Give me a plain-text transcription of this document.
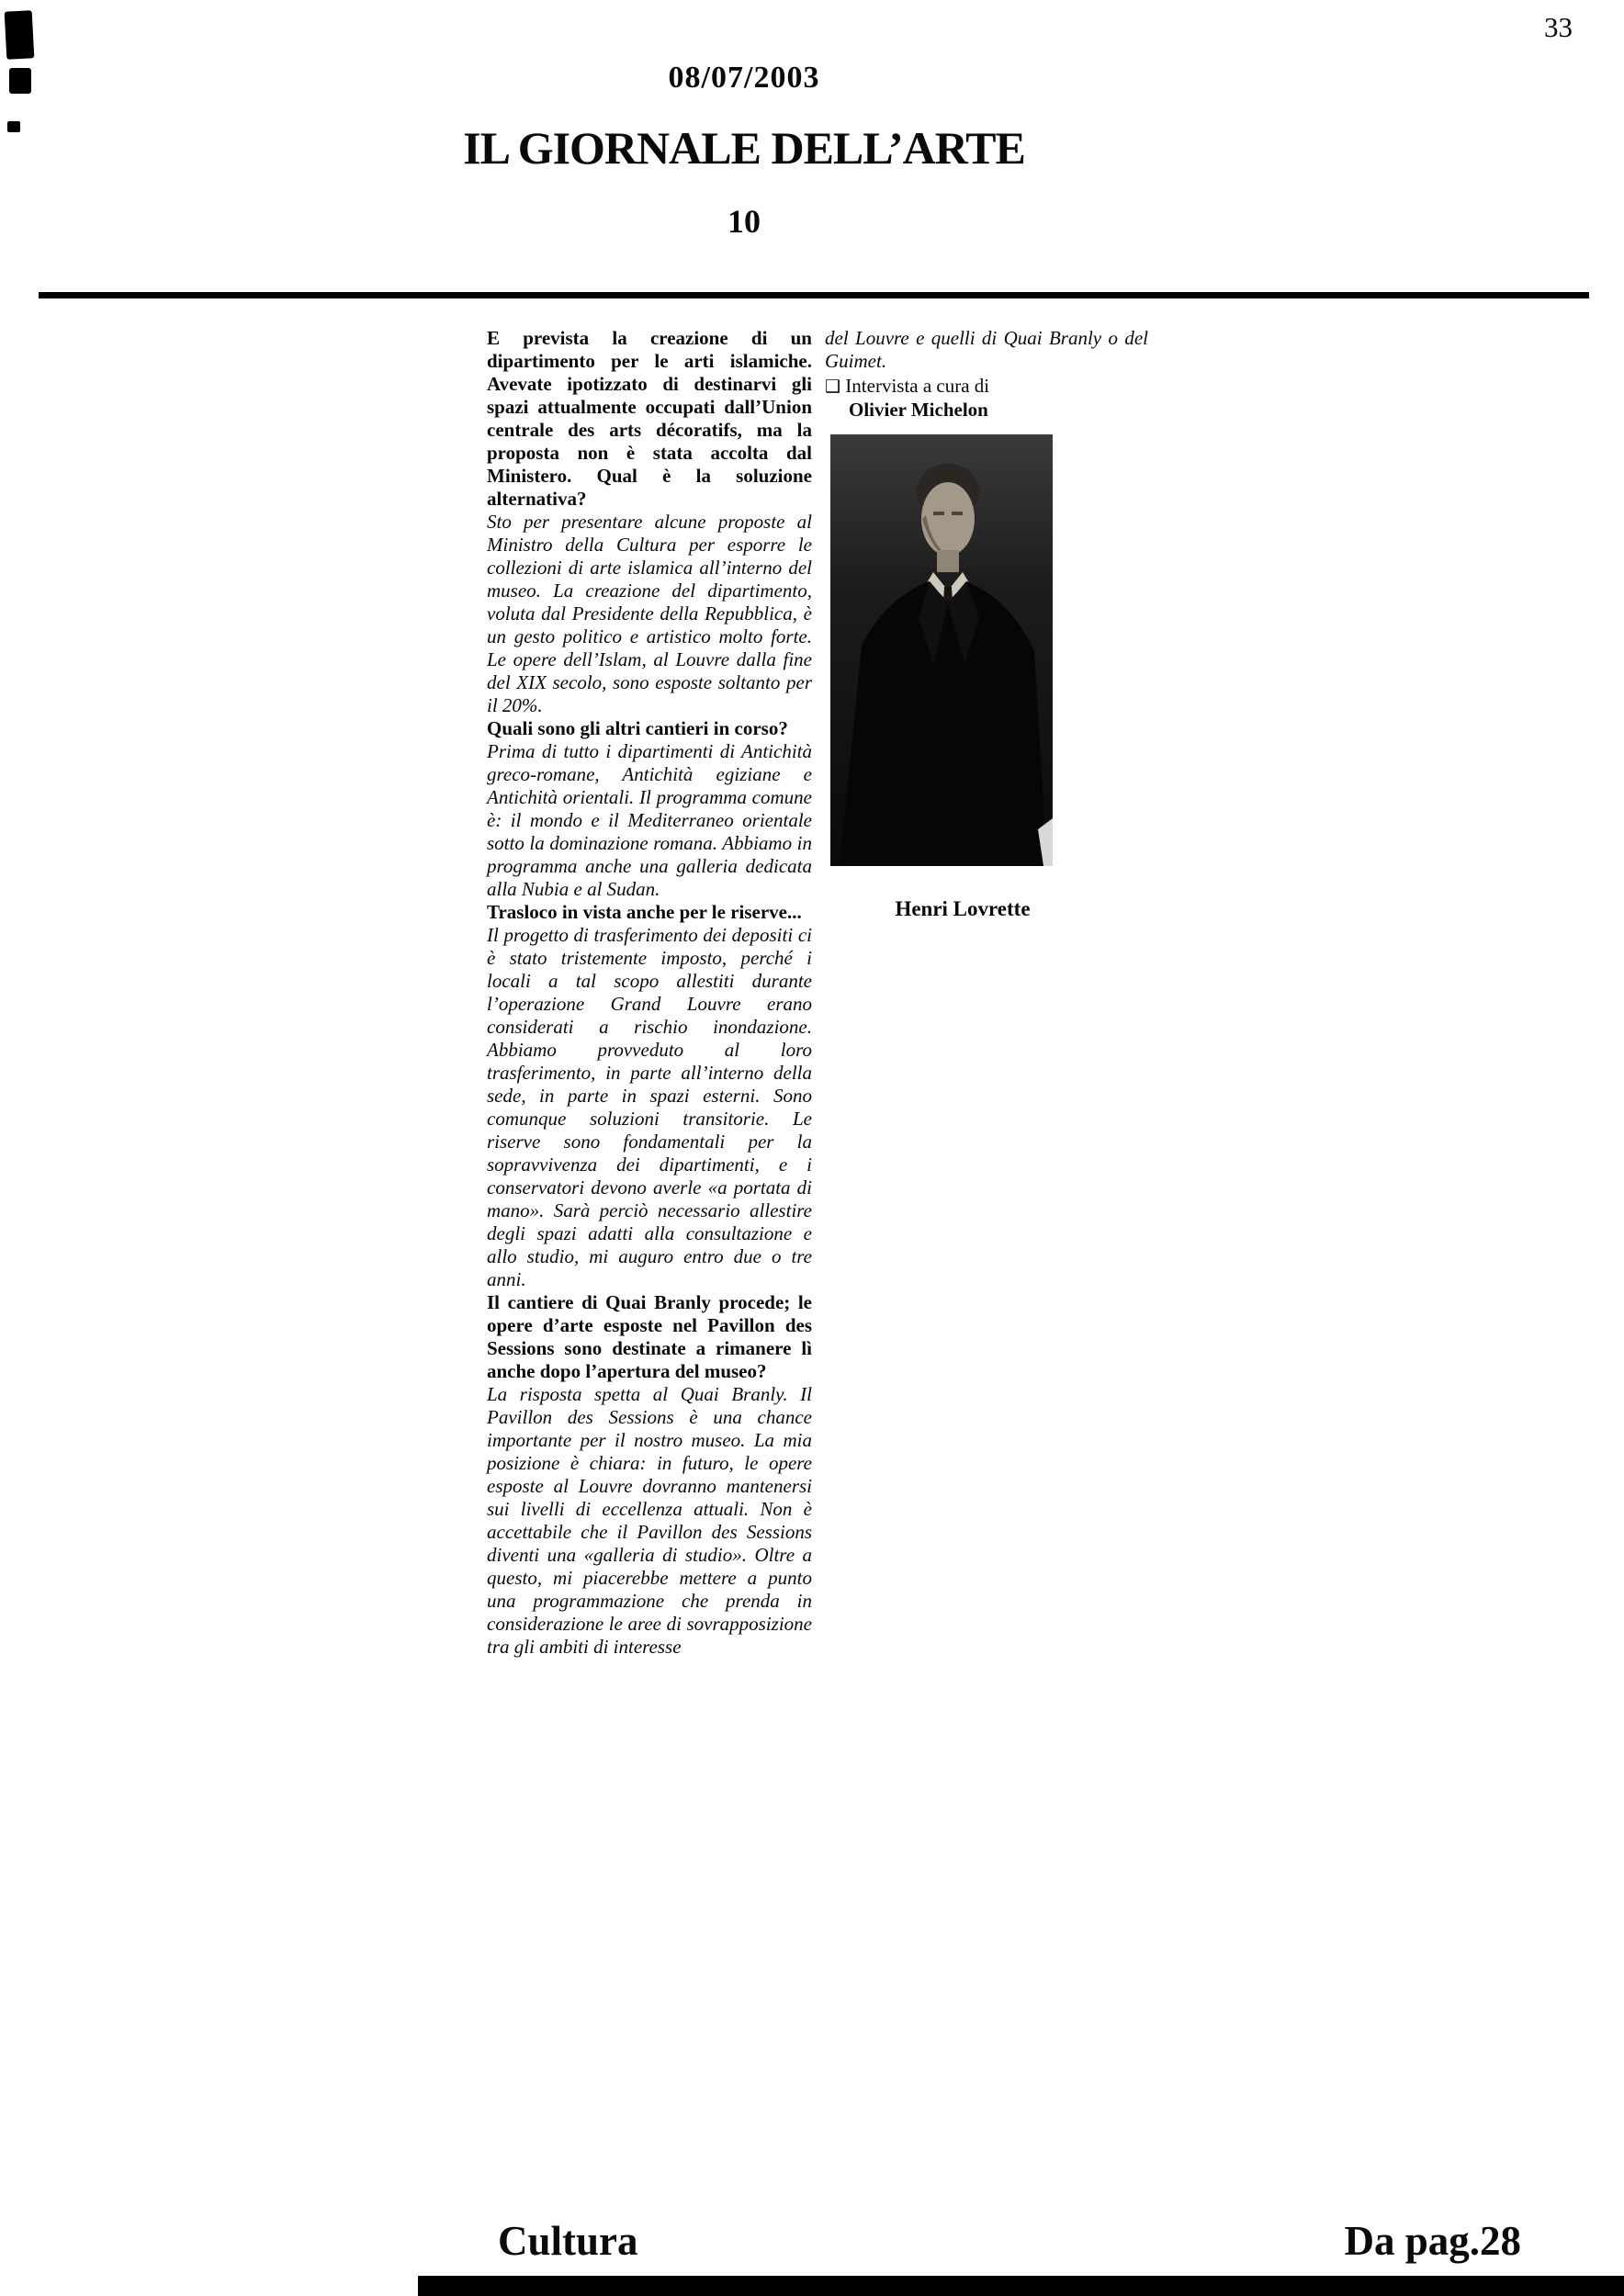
33
08/07/2003
IL GIORNALE DELL’ARTE
10

E prevista la creazione di un dipartimento per le arti islamiche. Avevate ipotizzato di destinarvi gli spazi attualmente occupati dall’Union centrale des arts décoratifs, ma la proposta non è stata accolta dal Ministero. Qual è la soluzione alternativa?

Sto per presentare alcune proposte al Ministro della Cultura per esporre le collezioni di arte islamica all’interno del museo. La creazione del dipartimento, voluta dal Presidente della Repubblica, è un gesto politico e artistico molto forte. Le opere dell’Islam, al Louvre dalla fine del XIX secolo, sono esposte soltanto per il 20%.

Quali sono gli altri cantieri in corso?

Prima di tutto i dipartimenti di Antichità greco-romane, Antichità egiziane e Antichità orientali. Il programma comune è: il mondo e il Mediterraneo orientale sotto la dominazione romana. Abbiamo in programma anche una galleria dedicata alla Nubia e al Sudan.

Trasloco in vista anche per le riserve...

Il progetto di trasferimento dei depositi ci è stato tristemente imposto, perché i locali a tal scopo allestiti durante l’operazione Grand Louvre erano considerati a rischio inondazione. Abbiamo provveduto al loro trasferimento, in parte all’interno della sede, in parte in spazi esterni. Sono comunque soluzioni transitorie. Le riserve sono fondamentali per la sopravvivenza dei dipartimenti, e i conservatori devono averle «a portata di mano». Sarà perciò necessario allestire degli spazi adatti alla consultazione e allo studio, mi auguro entro due o tre anni.

Il cantiere di Quai Branly procede; le opere d’arte esposte nel Pavillon des Sessions sono destinate a rimanere lì anche dopo l’apertura del museo?

La risposta spetta al Quai Branly. Il Pavillon des Sessions è una chance importante per il nostro museo. La mia posizione è chiara: in futuro, le opere esposte al Louvre dovranno mantenersi sui livelli di eccellenza attuali. Non è accettabile che il Pavillon des Sessions diventi una «galleria di studio». Oltre a questo, mi piacerebbe mettere a punto una programmazione che prenda in considerazione le aree di sovrapposizione tra gli ambiti di interesse

del Louvre e quelli di Quai Branly o del Guimet.

❑ Intervista a cura di

Olivier Michelon

Henri Lovrette
Cultura	Da pag.28
